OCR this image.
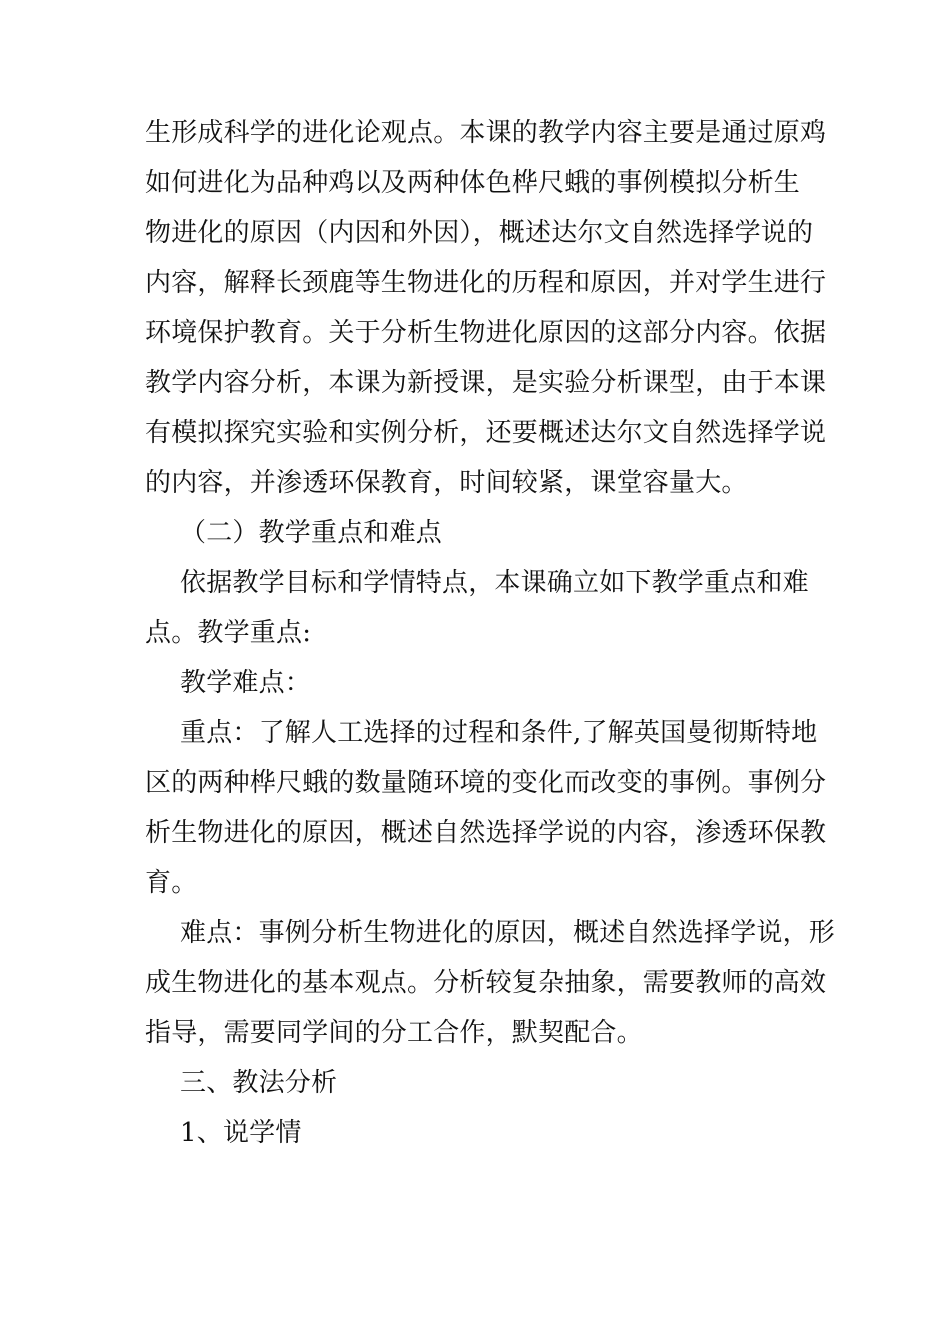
生形成科学的进化论观点。本课的教学内容主要是通过原鸡
如何进化为品种鸡以及两种体色桦尺蛾的事例模拟分析生
物进化的原因（内因和外因），概述达尔文自然选择学说的
内容，解释长颈鹿等生物进化的历程和原因，并对学生进行
环境保护教育。关于分析生物进化原因的这部分内容。依据
教学内容分析，本课为新授课，是实验分析课型，由于本课
有模拟探究实验和实例分析，还要概述达尔文自然选择学说
的内容，并渗透环保教育，时间较紧，课堂容量大。
（二）教学重点和难点
依据教学目标和学情特点，本课确立如下教学重点和难
点。教学重点:
教学难点：
重点：了解人工选择的过程和条件,了解英国曼彻斯特地
区的两种桦尺蛾的数量随环境的变化而改变的事例。事例分
析生物进化的原因，概述自然选择学说的内容，渗透环保教
育。
难点：事例分析生物进化的原因，概述自然选择学说，形
成生物进化的基本观点。分析较复杂抽象，需要教师的高效
指导，需要同学间的分工合作，默契配合。
三、教法分析
1、说学情
